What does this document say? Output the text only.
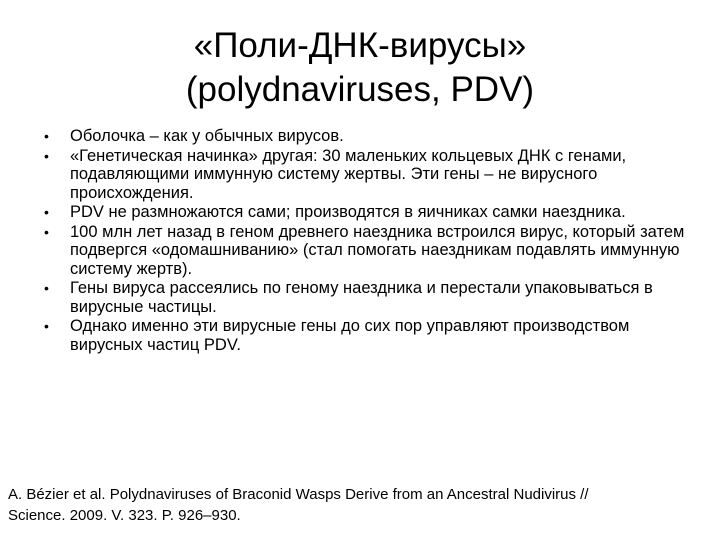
«Поли-ДНК-вирусы»
(polydnaviruses, PDV)
• Оболочка – как у обычных вирусов.
• «Генетическая начинка» другая: 30 маленьких кольцевых ДНК с генами, подавляющими иммунную систему жертвы. Эти гены – не вирусного происхождения.
• PDV не размножаются сами; производятся в яичниках самки наездника.
• 100 млн лет назад в геном древнего наездника встроился вирус, который затем подвергся «одомашниванию» (стал помогать наездникам подавлять иммунную систему жертв).
• Гены вируса рассеялись по геному наездника и перестали упаковываться в вирусные частицы.
• Однако именно эти вирусные гены до сих пор управляют производством вирусных частиц PDV.
A. Bézier et al. Polydnaviruses of Braconid Wasps Derive from an Ancestral Nudivirus //
Science. 2009. V. 323. P. 926–930.
